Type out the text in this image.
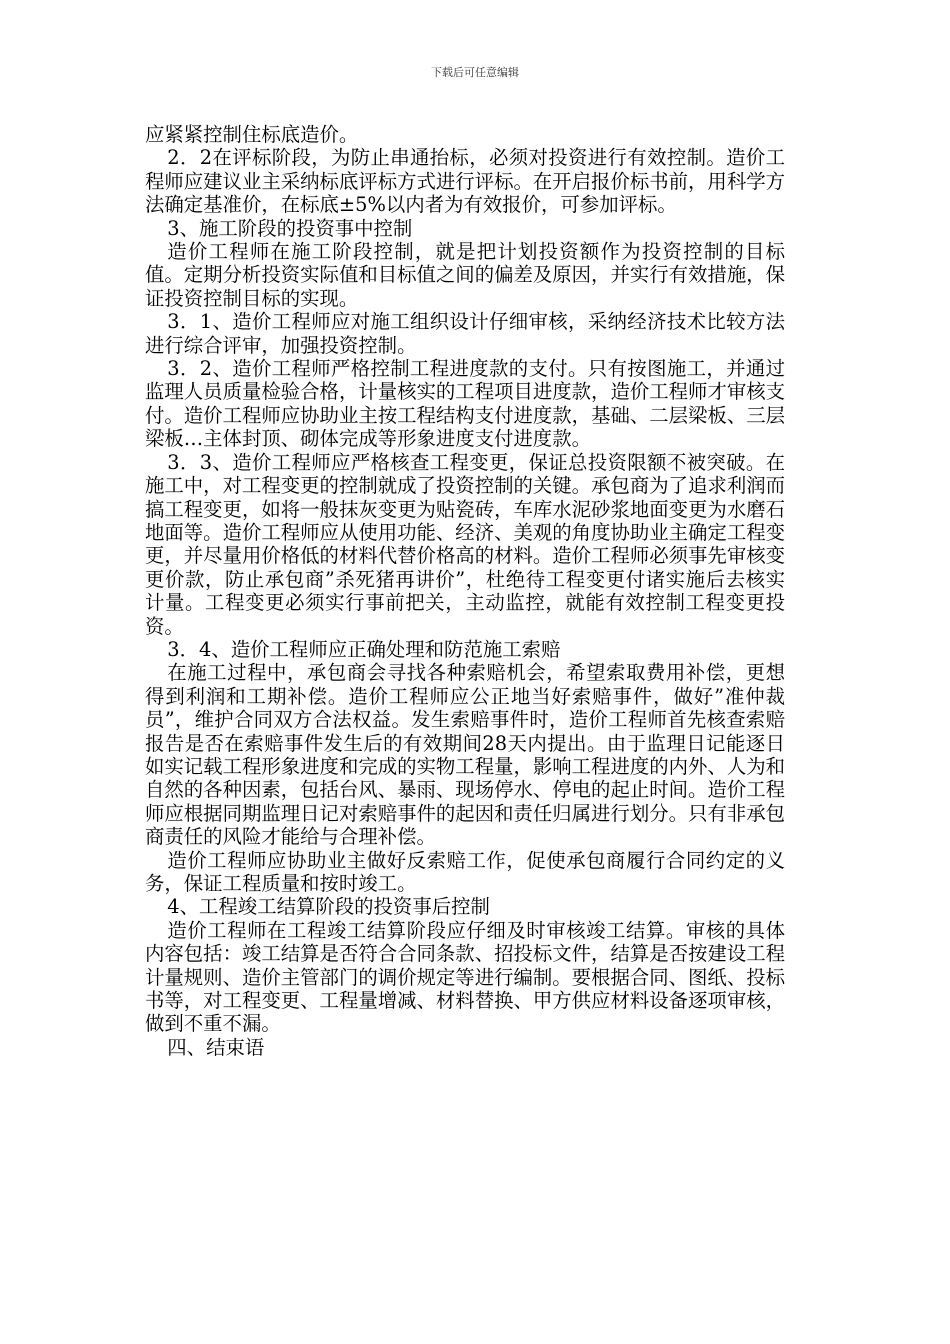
下载后可任意编辑

应紧紧控制住标底造价。

2．2在评标阶段，为防止串通抬标，必须对投资进行有效控制。造价工程师应建议业主采纳标底评标方式进行评标。在开启报价标书前，用科学方法确定基准价，在标底±5%以内者为有效报价，可参加评标。

3、施工阶段的投资事中控制

造价工程师在施工阶段控制，就是把计划投资额作为投资控制的目标值。定期分析投资实际值和目标值之间的偏差及原因，并实行有效措施，保证投资控制目标的实现。

3．1、造价工程师应对施工组织设计仔细审核，采纳经济技术比较方法进行综合评审，加强投资控制。

3．2、造价工程师严格控制工程进度款的支付。只有按图施工，并通过监理人员质量检验合格，计量核实的工程项目进度款，造价工程师才审核支付。造价工程师应协助业主按工程结构支付进度款，基础、二层梁板、三层梁板…主体封顶、砌体完成等形象进度支付进度款。

3．3、造价工程师应严格核查工程变更，保证总投资限额不被突破。在施工中，对工程变更的控制就成了投资控制的关键。承包商为了追求利润而搞工程变更，如将一般抹灰变更为贴瓷砖，车库水泥砂浆地面变更为水磨石地面等。造价工程师应从使用功能、经济、美观的角度协助业主确定工程变更，并尽量用价格低的材料代替价格高的材料。造价工程师必须事先审核变更价款，防止承包商”杀死猪再讲价”，杜绝待工程变更付诸实施后去核实计量。工程变更必须实行事前把关，主动监控，就能有效控制工程变更投资。

3．4、造价工程师应正确处理和防范施工索赔

在施工过程中，承包商会寻找各种索赔机会，希望索取费用补偿，更想得到利润和工期补偿。造价工程师应公正地当好索赔事件，做好”准仲裁员”，维护合同双方合法权益。发生索赔事件时，造价工程师首先核查索赔报告是否在索赔事件发生后的有效期间28天内提出。由于监理日记能逐日如实记载工程形象进度和完成的实物工程量，影响工程进度的内外、人为和自然的各种因素，包括台风、暴雨、现场停水、停电的起止时间。造价工程师应根据同期监理日记对索赔事件的起因和责任归属进行划分。只有非承包商责任的风险才能给与合理补偿。

造价工程师应协助业主做好反索赔工作，促使承包商履行合同约定的义务，保证工程质量和按时竣工。

4、工程竣工结算阶段的投资事后控制

造价工程师在工程竣工结算阶段应仔细及时审核竣工结算。审核的具体内容包括：竣工结算是否符合合同条款、招投标文件，结算是否按建设工程计量规则、造价主管部门的调价规定等进行编制。要根据合同、图纸、投标书等，对工程变更、工程量增减、材料替换、甲方供应材料设备逐项审核，做到不重不漏。

四、结束语
